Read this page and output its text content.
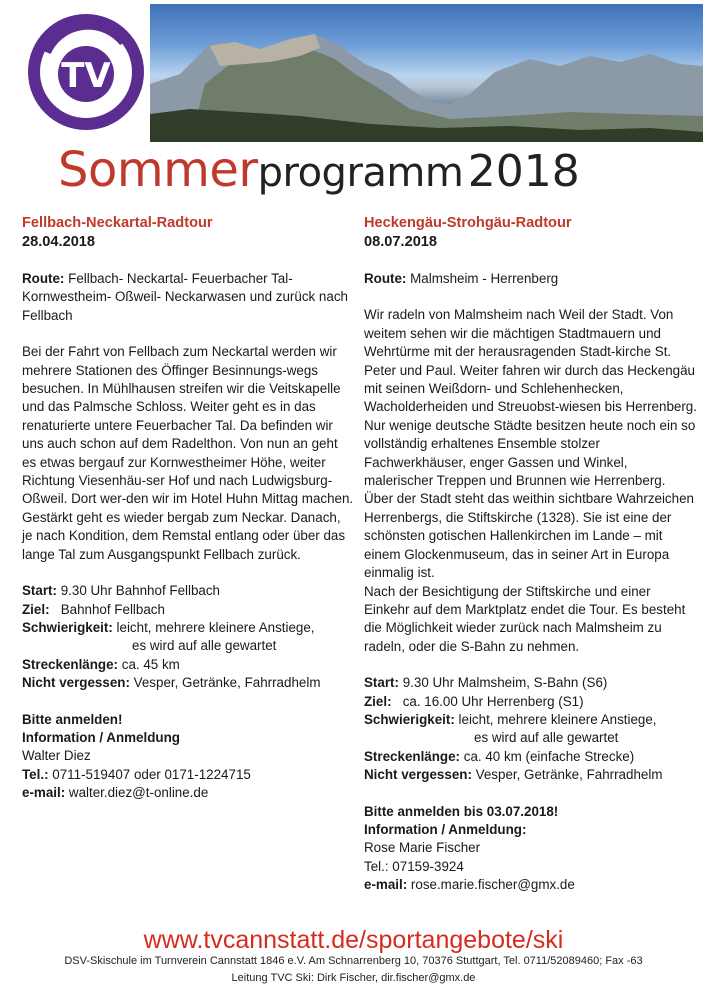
TV
Sommerprogramm 2018
Fellbach-Neckartal-Radtour
28.04.2018

Route: Fellbach- Neckartal- Feuerbacher Tal- Kornwestheim- Oßweil- Neckarwasen und zurück nach Fellbach

Bei der Fahrt von Fellbach zum Neckartal werden wir mehrere Stationen des Öffinger Besinnungs-wegs besuchen. In Mühlhausen streifen wir die Veitskapelle und das Palmsche Schloss. Weiter geht es in das renaturierte untere Feuerbacher Tal. Da befinden wir uns auch schon auf dem Radelthon. Von nun an geht es etwas bergauf zur Kornwestheimer Höhe, weiter Richtung Viesenhäu-ser Hof und nach Ludwigsburg-Oßweil. Dort wer-den wir im Hotel Huhn Mittag machen. Gestärkt geht es wieder bergab zum Neckar. Danach, je nach Kondition, dem Remstal entlang oder über das lange Tal zum Ausgangspunkt Fellbach zurück.

Start: 9.30 Uhr Bahnhof Fellbach
Ziel: Bahnhof Fellbach
Schwierigkeit: leicht, mehrere kleinere Anstiege,
es wird auf alle gewartet
Streckenlänge: ca. 45 km
Nicht vergessen: Vesper, Getränke, Fahrradhelm
Bitte anmelden!
Information / Anmeldung
Walter Diez
Tel.: 0711-519407 oder 0171-1224715
e-mail: walter.diez@t-online.de
Heckengäu-Strohgäu-Radtour
08.07.2018

Route: Malmsheim - Herrenberg

Wir radeln von Malmsheim nach Weil der Stadt. Von weitem sehen wir die mächtigen Stadtmauern und Wehrtürme mit der herausragenden Stadt-kirche St. Peter und Paul. Weiter fahren wir durch das Heckengäu mit seinen Weißdorn- und Schlehenhecken, Wacholderheiden und Streuobst-wiesen bis Herrenberg. Nur wenige deutsche Städte besitzen heute noch ein so vollständig erhaltenes Ensemble stolzer Fachwerkhäuser, enger Gassen und Winkel, malerischer Treppen und Brunnen wie Herrenberg. Über der Stadt steht das weithin sichtbare Wahrzeichen Herrenbergs, die Stiftskirche (1328). Sie ist eine der schönsten gotischen Hallenkirchen im Lande – mit einem Glockenmuseum, das in seiner Art in Europa einmalig ist.

Nach der Besichtigung der Stiftskirche und einer Einkehr auf dem Marktplatz endet die Tour. Es besteht die Möglichkeit wieder zurück nach Malmsheim zu radeln, oder die S-Bahn zu nehmen.

Start: 9.30 Uhr Malmsheim, S-Bahn (S6)
Ziel: ca. 16.00 Uhr Herrenberg (S1)
Schwierigkeit: leicht, mehrere kleinere Anstiege,
es wird auf alle gewartet
Streckenlänge: ca. 40 km (einfache Strecke)
Nicht vergessen: Vesper, Getränke, Fahrradhelm
Bitte anmelden bis 03.07.2018!
Information / Anmeldung:
Rose Marie Fischer
Tel.: 07159-3924
e-mail: rose.marie.fischer@gmx.de
www.tvcannstatt.de/sportangebote/ski
DSV-Skischule im Turnverein Cannstatt 1846 e.V. Am Schnarrenberg 10, 70376 Stuttgart, Tel. 0711/52089460; Fax -63
Leitung TVC Ski: Dirk Fischer, dir.fischer@gmx.de
